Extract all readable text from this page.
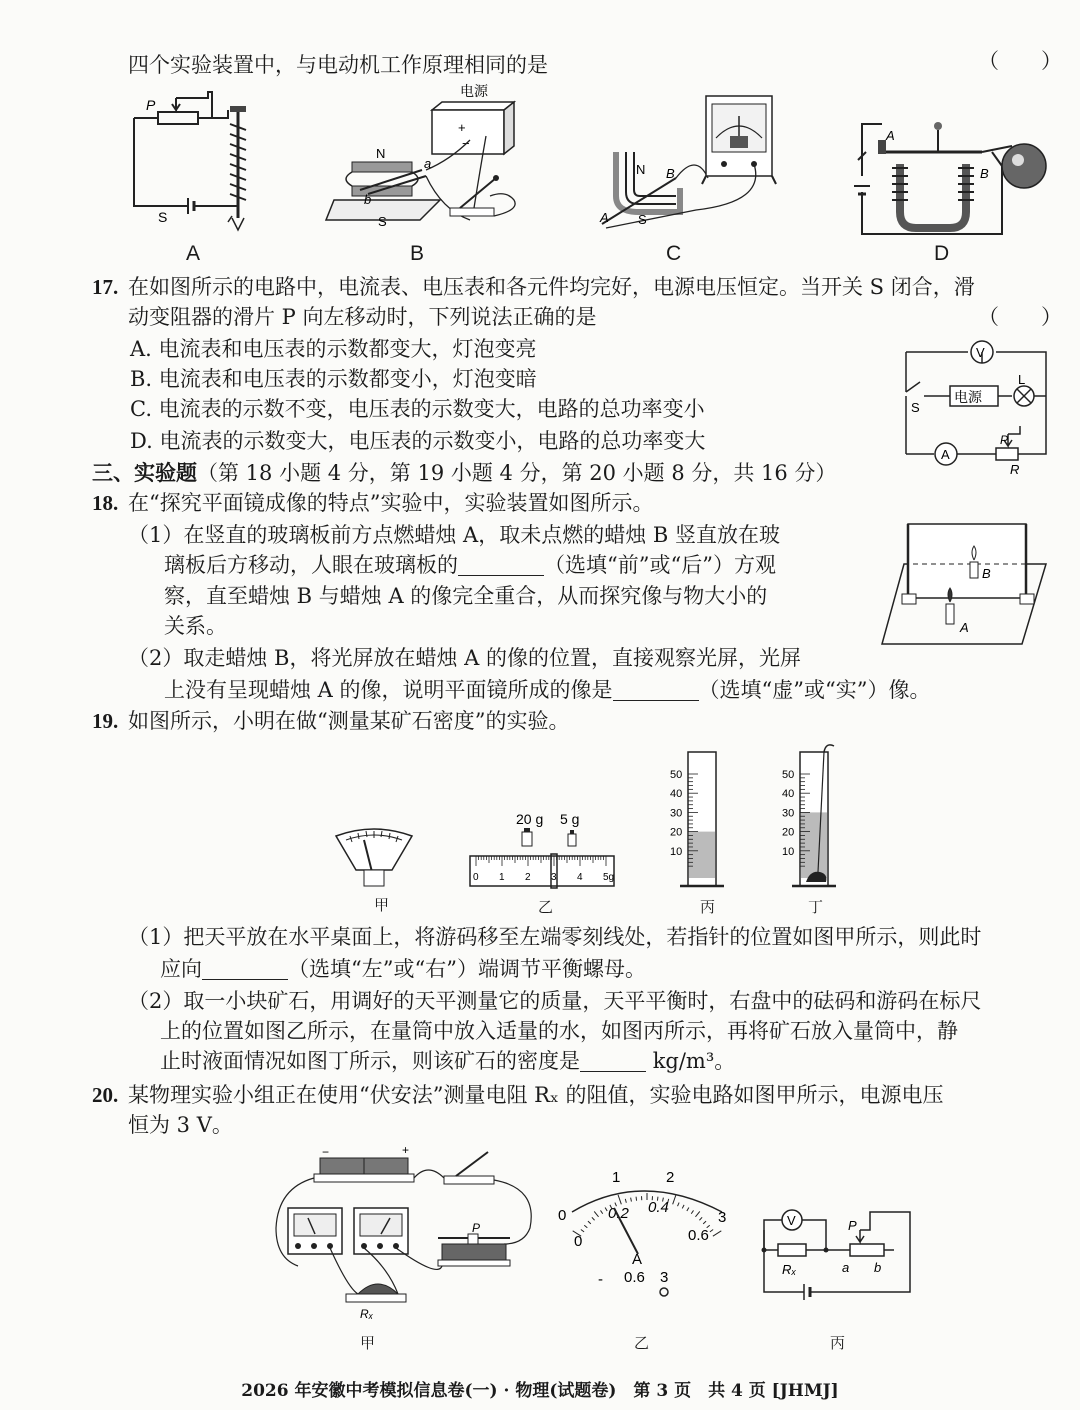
四个实验装置中，与电动机工作原理相同的是	（　　）
P
S
电源
+
−
N
a
b
S
N B
A S
A
B
A	B	C	D
17. 在如图所示的电路中，电流表、电压表和各元件均完好，电源电压恒定。当开关 S 闭合，滑
动变阻器的滑片 P 向左移动时，下列说法正确的是	（　　）
A. 电流表和电压表的示数都变大，灯泡变亮
B. 电流表和电压表的示数都变小，灯泡变暗
C. 电流表的示数不变，电压表的示数变大，电路的总功率变小
D. 电流表的示数变大，电压表的示数变小，电路的总功率变大
V
电源
A
S
L
P
R
三、实验题（第 18 小题 4 分，第 19 小题 4 分，第 20 小题 8 分，共 16 分）
18. 在“探究平面镜成像的特点”实验中，实验装置如图所示。
（1）在竖直的玻璃板前方点燃蜡烛 A，取未点燃的蜡烛 B 竖直放在玻
璃板后方移动，人眼在玻璃板的	（选填“前”或“后”）方观
察，直至蜡烛 B 与蜡烛 A 的像完全重合，从而探究像与物大小的
关系。
（2）取走蜡烛 B，将光屏放在蜡烛 A 的像的位置，直接观察光屏，光屏
上没有呈现蜡烛 A 的像，说明平面镜所成的像是	（选填“虚”或“实”）像。
B
A
19. 如图所示，小明在做“测量某矿石密度”的实验。
甲
20 g 5 g
0 1 2 3 4 5g
乙
50
40
30
20
10
丙
50
40
30
20
10
丁
（1）把天平放在水平桌面上，将游码移至左端零刻线处，若指针的位置如图甲所示，则此时
应向	（选填“左”或“右”）端调节平衡螺母。
（2）取一小块矿石，用调好的天平测量它的质量，天平平衡时，右盘中的砝码和游码在标尺
上的位置如图乙所示，在量筒中放入适量的水，如图丙所示，再将矿石放入量筒中，静
止时液面情况如图丁所示，则该矿石的密度是	kg/m³。
20. 某物理实验小组正在使用“伏安法”测量电阻 Rₓ 的阻值，实验电路如图甲所示，电源电压
恒为 3 V。
−	+
P
Rₓ
甲
0
1	2
3
0
0.2 0.4
0.6
A
- 0.6 3
乙
V
Rₓ
P
a b
丙
2026 年安徽中考模拟信息卷(一) · 物理(试题卷)　第 3 页　共 4 页 [JHMJ]
